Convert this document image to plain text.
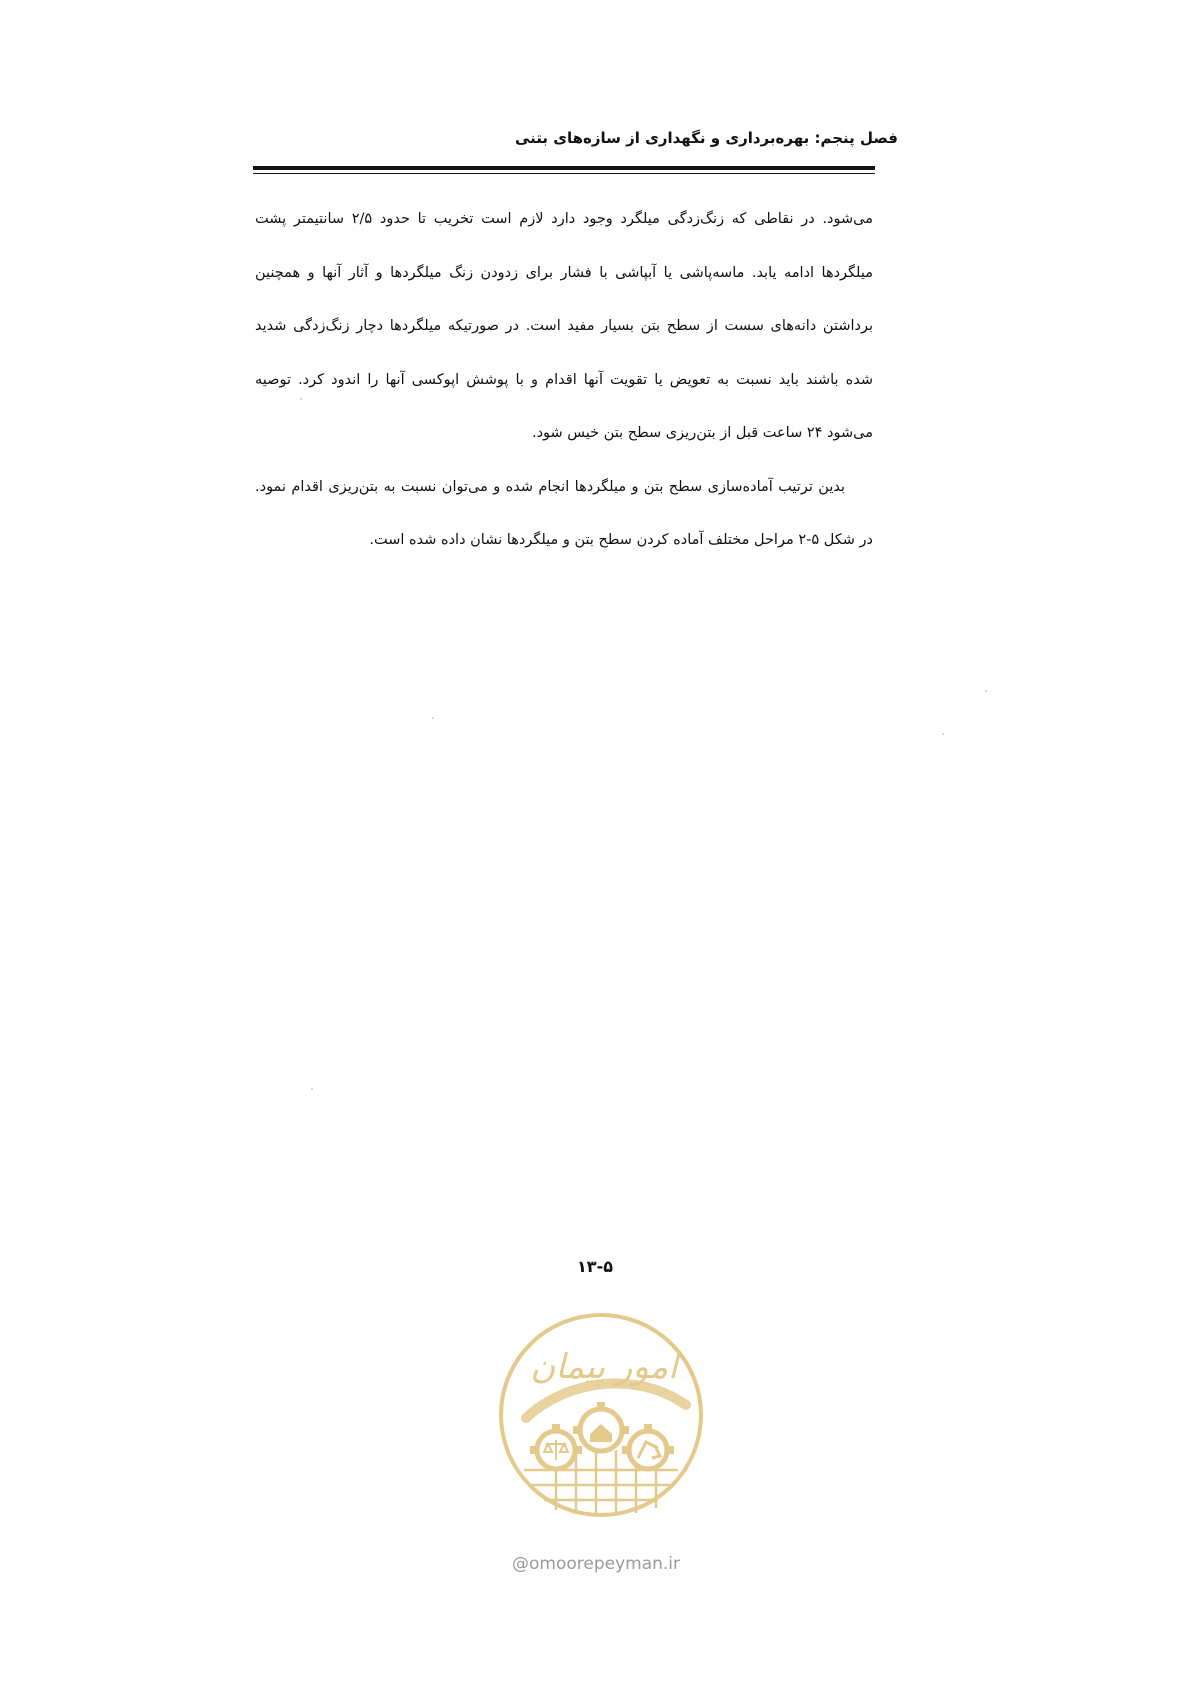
فصل پنجم: بهره‌برداری و نگهداری از سازه‌های بتنی

می‌شود. در نقاطی که زنگ‌زدگی میلگرد وجود دارد لازم است تخریب تا حدود ۲/۵ سانتیمتر پشت میلگردها ادامه یابد. ماسه‌پاشی یا آبپاشی با فشار برای زدودن زنگ میلگردها و آثار آنها و همچنین برداشتن دانه‌های سست از سطح بتن بسیار مفید است. در صورتیکه میلگردها دچار زنگ‌زدگی شدید شده باشند باید نسبت به تعویض یا تقویت آنها اقدام و با پوشش اپوکسی آنها را اندود کرد. توصیه می‌شود ۲۴ ساعت قبل از بتن‌ریزی سطح بتن خیس شود.

بدین ترتیب آماده‌سازی سطح بتن و میلگردها انجام شده و می‌توان نسبت به بتن‌ریزی اقدام نمود. در شکل ۵-۲ مراحل مختلف آماده کردن سطح بتن و میلگردها نشان داده شده است.

۱۳-۵
امور پیمان
@omoorepeyman.ir
